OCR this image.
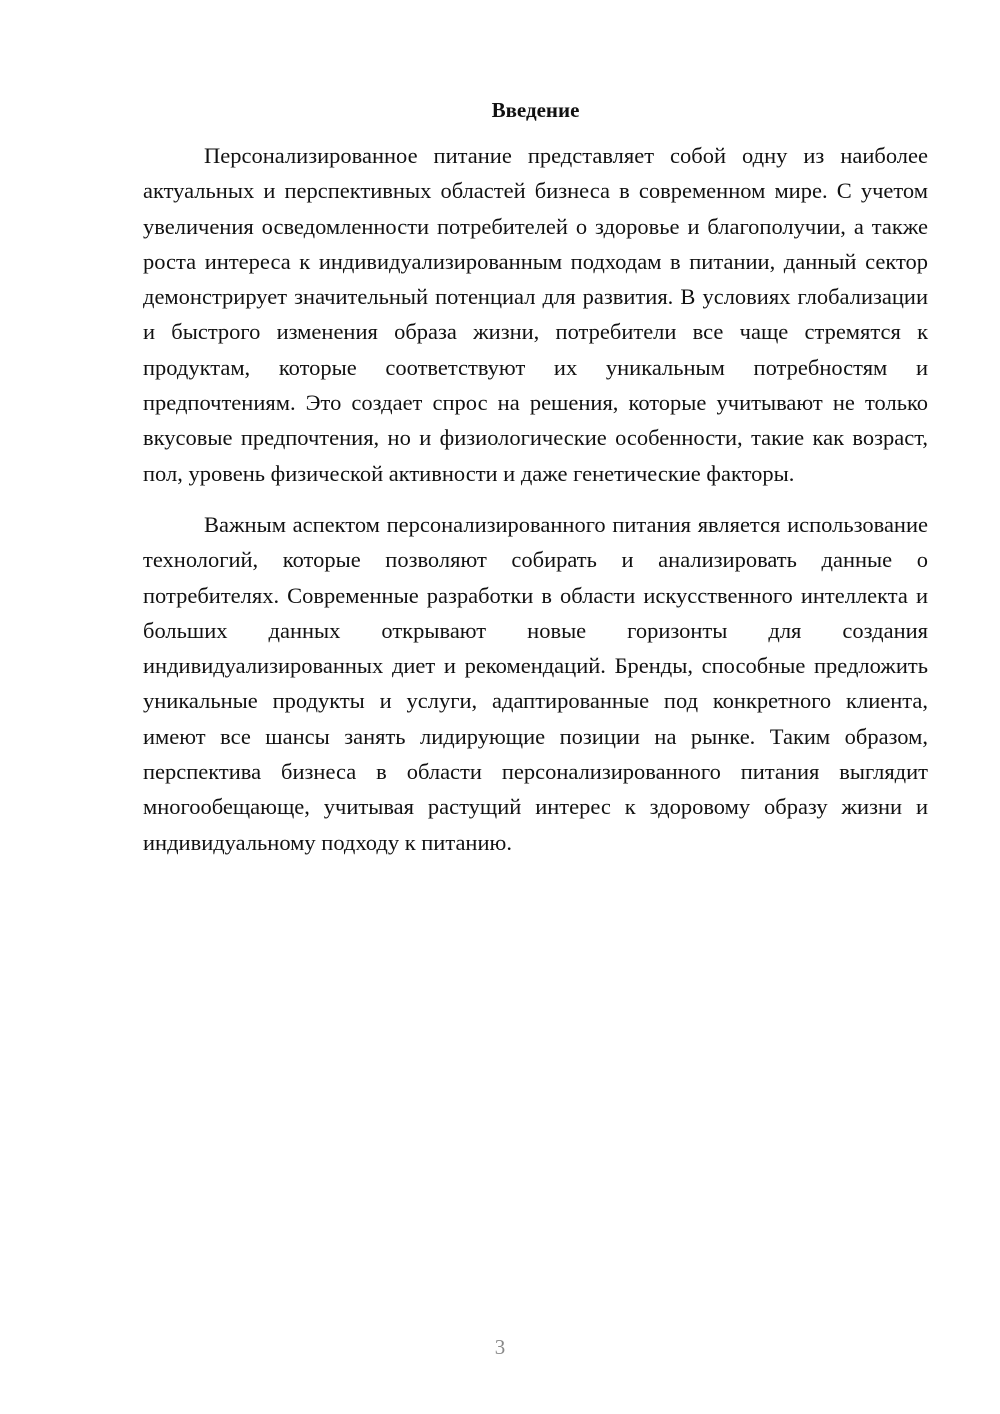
Введение

Персонализированное питание представляет собой одну из наиболее актуальных и перспективных областей бизнеса в современном мире. С учетом увеличения осведомленности потребителей о здоровье и благополучии, а также роста интереса к индивидуализированным подходам в питании, данный сектор демонстрирует значительный потенциал для развития. В условиях глобализации и быстрого изменения образа жизни, потребители все чаще стремятся к продуктам, которые соответствуют их уникальным потребностям и предпочтениям. Это создает спрос на решения, которые учитывают не только вкусовые предпочтения, но и физиологические особенности, такие как возраст, пол, уровень физической активности и даже генетические факторы.

Важным аспектом персонализированного питания является использование технологий, которые позволяют собирать и анализировать данные о потребителях. Современные разработки в области искусственного интеллекта и больших данных открывают новые горизонты для создания индивидуализированных диет и рекомендаций. Бренды, способные предложить уникальные продукты и услуги, адаптированные под конкретного клиента, имеют все шансы занять лидирующие позиции на рынке. Таким образом, перспектива бизнеса в области персонализированного питания выглядит многообещающе, учитывая растущий интерес к здоровому образу жизни и индивидуальному подходу к питанию.

3
